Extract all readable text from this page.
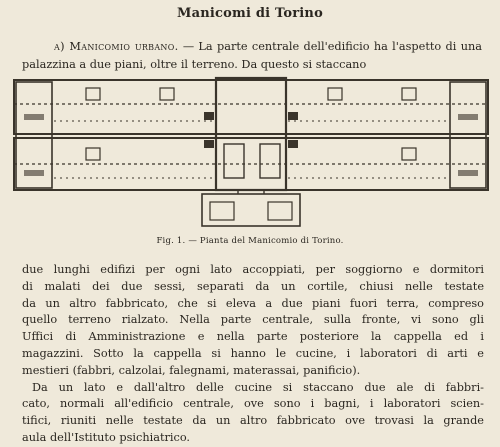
Manicomi di Torino
a) Manicomio urbano. — La parte centrale dell'edificio ha l'aspetto di una palazzina a due piani, oltre il terreno. Da questo si staccano
Fig. 1. — Pianta del Manicomio di Torino.
due lunghi edifizi per ogni lato accoppiati, per soggiorno e dormitori
di malati dei due sessi, separati da un cortile, chiusi nelle testate
da un altro fabbricato, che si eleva a due piani fuori terra, compreso
quello terreno rialzato. Nella parte centrale, sulla fronte, vi sono gli
Uffici di Amministrazione e nella parte posteriore la cappella ed i
magazzini. Sotto la cappella si hanno le cucine, i laboratori di arti e
mestieri (fabbri, calzolai, falegnami, materassai, panificio).
Da un lato e dall'altro delle cucine si staccano due ale di fabbri-
cato, normali all'edificio centrale, ove sono i bagni, i laboratori scien-
tifici, riuniti nelle testate da un altro fabbricato ove trovasi la grande
aula dell'Istituto psichiatrico.
